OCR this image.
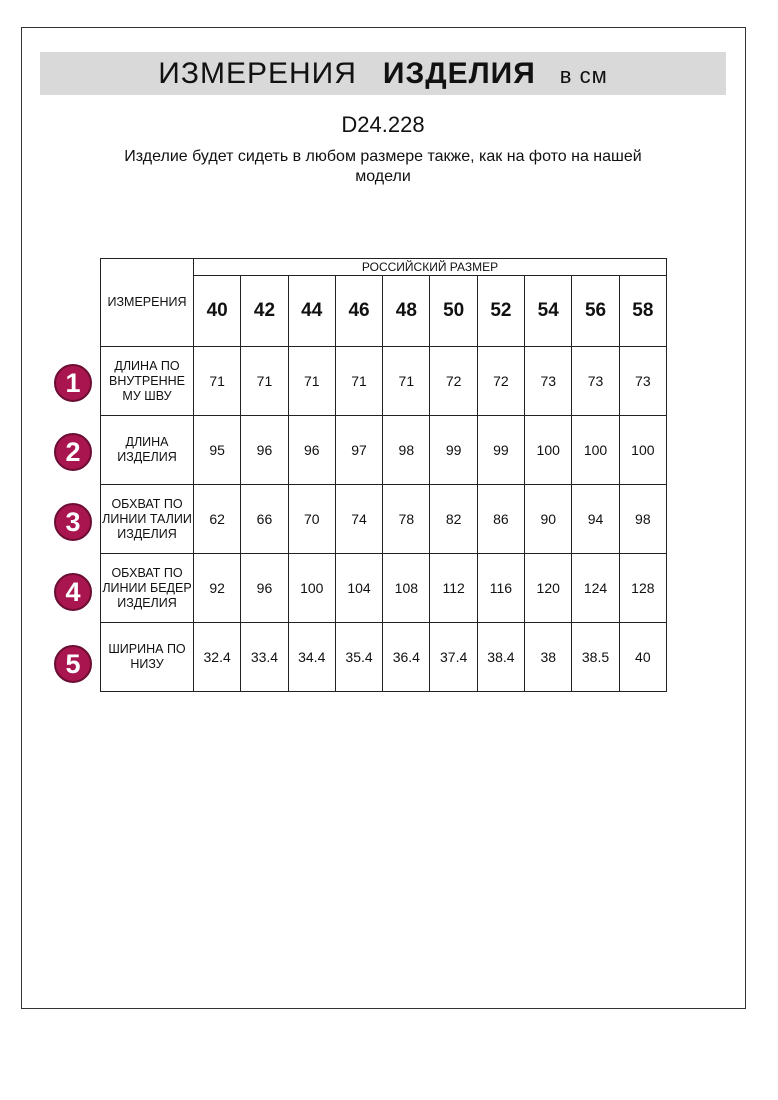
ИЗМЕРЕНИЯ ИЗДЕЛИЯ в см
D24.228
Изделие будет сидеть в любом размере также, как на фото на нашей модели
ИЗМЕРЕНИЯ	РОССИЙСКИЙ РАЗМЕР									
	40	42	44	46	48	50	52	54	56	58
ДЛИНА ПО ВНУТРЕННЕ МУ ШВУ	71	71	71	71	71	72	72	73	73	73
ДЛИНА ИЗДЕЛИЯ	95	96	96	97	98	99	99	100	100	100
ОБХВАТ ПО ЛИНИИ ТАЛИИ ИЗДЕЛИЯ	62	66	70	74	78	82	86	90	94	98
ОБХВАТ ПО ЛИНИИ БЕДЕР ИЗДЕЛИЯ	92	96	100	104	108	112	116	120	124	128
ШИРИНА ПО НИЗУ	32.4	33.4	34.4	35.4	36.4	37.4	38.4	38	38.5	40
1
2
3
4
5
